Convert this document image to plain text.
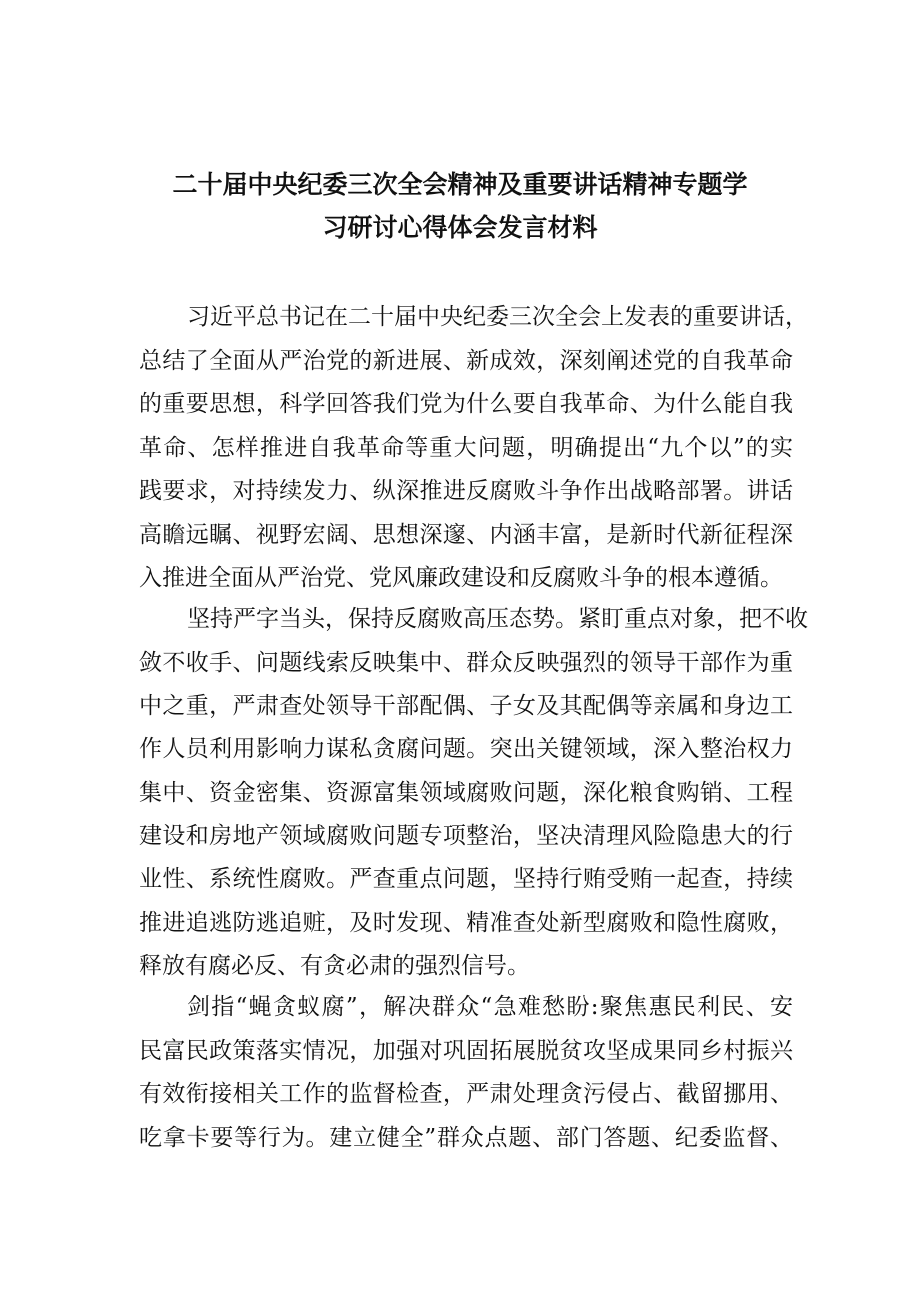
二十届中央纪委三次全会精神及重要讲话精神专题学
习研讨心得体会发言材料
习近平总书记在二十届中央纪委三次全会上发表的重要讲话，
总结了全面从严治党的新进展、新成效，深刻阐述党的自我革命
的重要思想，科学回答我们党为什么要自我革命、为什么能自我
革命、怎样推进自我革命等重大问题，明确提出“九个以”的实
践要求，对持续发力、纵深推进反腐败斗争作出战略部署。讲话
高瞻远瞩、视野宏阔、思想深邃、内涵丰富，是新时代新征程深
入推进全面从严治党、党风廉政建设和反腐败斗争的根本遵循。
坚持严字当头，保持反腐败高压态势。紧盯重点对象，把不收
敛不收手、问题线索反映集中、群众反映强烈的领导干部作为重
中之重，严肃查处领导干部配偶、子女及其配偶等亲属和身边工
作人员利用影响力谋私贪腐问题。突出关键领域，深入整治权力
集中、资金密集、资源富集领域腐败问题，深化粮食购销、工程
建设和房地产领域腐败问题专项整治，坚决清理风险隐患大的行
业性、系统性腐败。严查重点问题，坚持行贿受贿一起查，持续
推进追逃防逃追赃，及时发现、精准查处新型腐败和隐性腐败，
释放有腐必反、有贪必肃的强烈信号。
剑指“蝇贪蚁腐”，解决群众“急难愁盼:聚焦惠民利民、安
民富民政策落实情况，加强对巩固拓展脱贫攻坚成果同乡村振兴
有效衔接相关工作的监督检查，严肃处理贪污侵占、截留挪用、
吃拿卡要等行为。建立健全”群众点题、部门答题、纪委监督、
